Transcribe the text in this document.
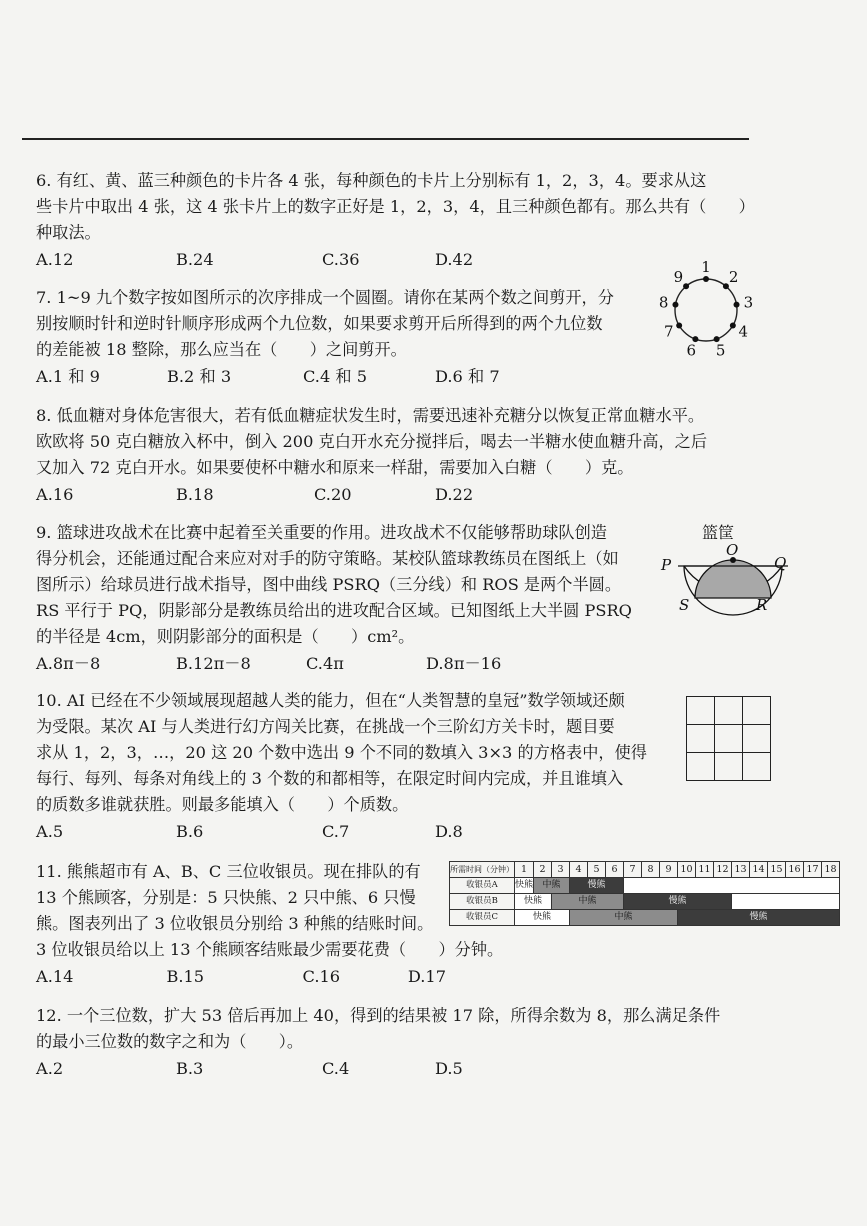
6. 有红、黄、蓝三种颜色的卡片各 4 张，每种颜色的卡片上分别标有 1，2，3，4。要求从这

些卡片中取出 4 张，这 4 张卡片上的数字正好是 1，2，3，4，且三种颜色都有。那么共有（　　）

种取法。

A.12	B.24	C.36	D.42

7. 1~9 九个数字按如图所示的次序排成一个圆圈。请你在某两个数之间剪开，分

别按顺时针和逆时针顺序形成两个九位数，如果要求剪开后所得到的两个九位数

的差能被 18 整除，那么应当在（　　）之间剪开。

A.1 和 9	B.2 和 3	C.4 和 5	D.6 和 7
1
2
3
4
5
6
7
8
9

8. 低血糖对身体危害很大，若有低血糖症状发生时，需要迅速补充糖分以恢复正常血糖水平。

欧欧将 50 克白糖放入杯中，倒入 200 克白开水充分搅拌后，喝去一半糖水使血糖升高，之后

又加入 72 克白开水。如果要使杯中糖水和原来一样甜，需要加入白糖（　　）克。

A.16	B.18	C.20	D.22

9. 篮球进攻战术在比赛中起着至关重要的作用。进攻战术不仅能够帮助球队创造

得分机会，还能通过配合来应对对手的防守策略。某校队篮球教练员在图纸上（如

图所示）给球员进行战术指导，图中曲线 PSRQ（三分线）和 ROS 是两个半圆。

RS 平行于 PQ，阴影部分是教练员给出的进攻配合区域。已知图纸上大半圆 PSRQ

的半径是 4cm，则阴影部分的面积是（　　）cm²。

A.8π－8	B.12π－8	C.4π	D.8π－16
篮筐
P
O
Q
S	R

10. AI 已经在不少领域展现超越人类的能力，但在“人类智慧的皇冠”数学领域还颇

为受限。某次 AI 与人类进行幻方闯关比赛，在挑战一个三阶幻方关卡时，题目要

求从 1，2，3，…，20 这 20 个数中选出 9 个不同的数填入 3×3 的方格表中，使得

每行、每列、每条对角线上的 3 个数的和都相等，在限定时间内完成，并且谁填入

的质数多谁就获胜。则最多能填入（　　）个质数。

A.5	B.6	C.7	D.8

11. 熊熊超市有 A、B、C 三位收银员。现在排队的有

13 个熊顾客，分别是：5 只快熊、2 只中熊、6 只慢

熊。图表列出了 3 位收银员分别给 3 种熊的结账时间。

3 位收银员给以上 13 个熊顾客结账最少需要花费（　　）分钟。

A.14	B.15	C.16	D.17
所需时间（分钟）	1	2	3	4	5	6	7	8	9	10	11	12	13	14	15	16	17	18
收银员A	快熊	中熊		慢熊														
收银员B	快熊		中熊				慢熊											
收银员C	快熊			中熊						慢熊								

12. 一个三位数，扩大 53 倍后再加上 40，得到的结果被 17 除，所得余数为 8，那么满足条件

的最小三位数的数字之和为（　　）。

A.2	B.3	C.4	D.5
